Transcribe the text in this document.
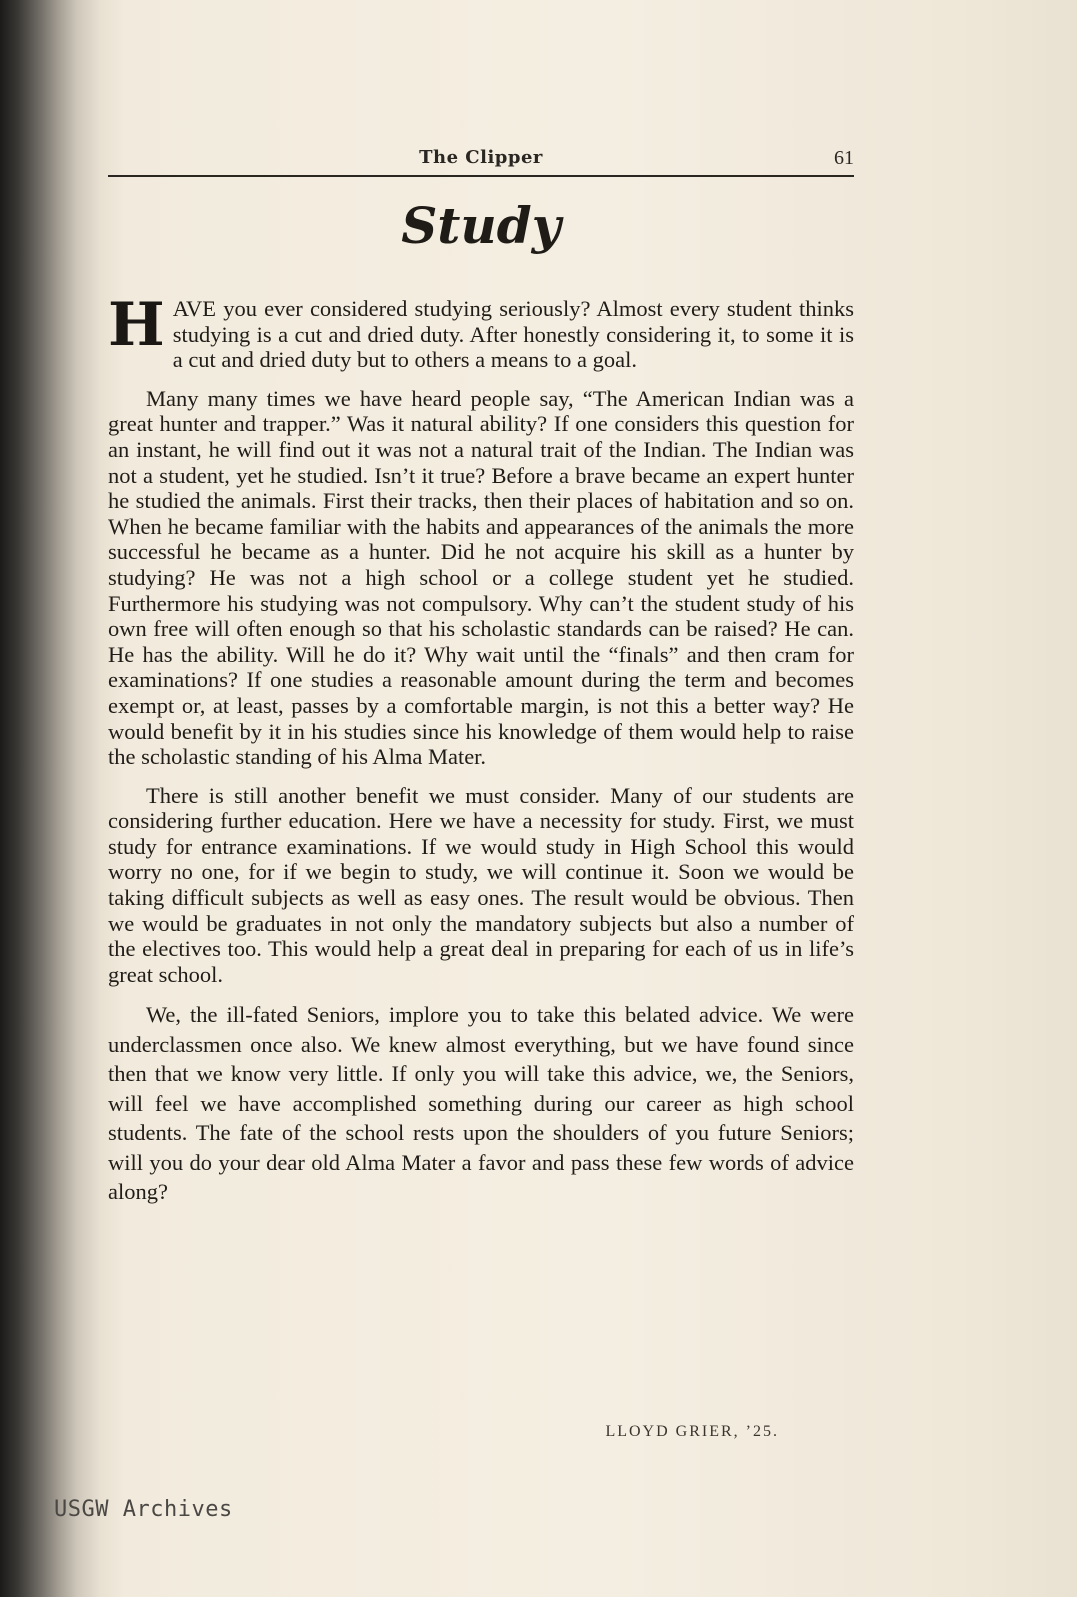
The Clipper	61
Study

HAVE you ever considered studying seriously? Almost every student thinks studying is a cut and dried duty. After honestly considering it, to some it is a cut and dried duty but to others a means to a goal.

Many many times we have heard people say, “The American Indian was a great hunter and trapper.” Was it natural ability? If one considers this question for an instant, he will find out it was not a natural trait of the Indian. The Indian was not a student, yet he studied. Isn’t it true? Before a brave became an expert hunter he studied the animals. First their tracks, then their places of habitation and so on. When he became familiar with the habits and appearances of the animals the more successful he became as a hunter. Did he not acquire his skill as a hunter by studying? He was not a high school or a college student yet he studied. Furthermore his studying was not compulsory. Why can’t the student study of his own free will often enough so that his scholastic standards can be raised? He can. He has the ability. Will he do it? Why wait until the “finals” and then cram for examinations? If one studies a reasonable amount during the term and becomes exempt or, at least, passes by a comfortable margin, is not this a better way? He would benefit by it in his studies since his knowledge of them would help to raise the scholastic standing of his Alma Mater.

There is still another benefit we must consider. Many of our students are considering further education. Here we have a necessity for study. First, we must study for entrance examinations. If we would study in High School this would worry no one, for if we begin to study, we will continue it. Soon we would be taking difficult subjects as well as easy ones. The result would be obvious. Then we would be graduates in not only the mandatory subjects but also a number of the electives too. This would help a great deal in preparing for each of us in life’s great school.

We, the ill-fated Seniors, implore you to take this belated advice. We were underclassmen once also. We knew almost everything, but we have found since then that we know very little. If only you will take this advice, we, the Seniors, will feel we have accomplished something during our career as high school students. The fate of the school rests upon the shoulders of you future Seniors; will you do your dear old Alma Mater a favor and pass these few words of advice along?

LLOYD GRIER, ’25.
USGW Archives
